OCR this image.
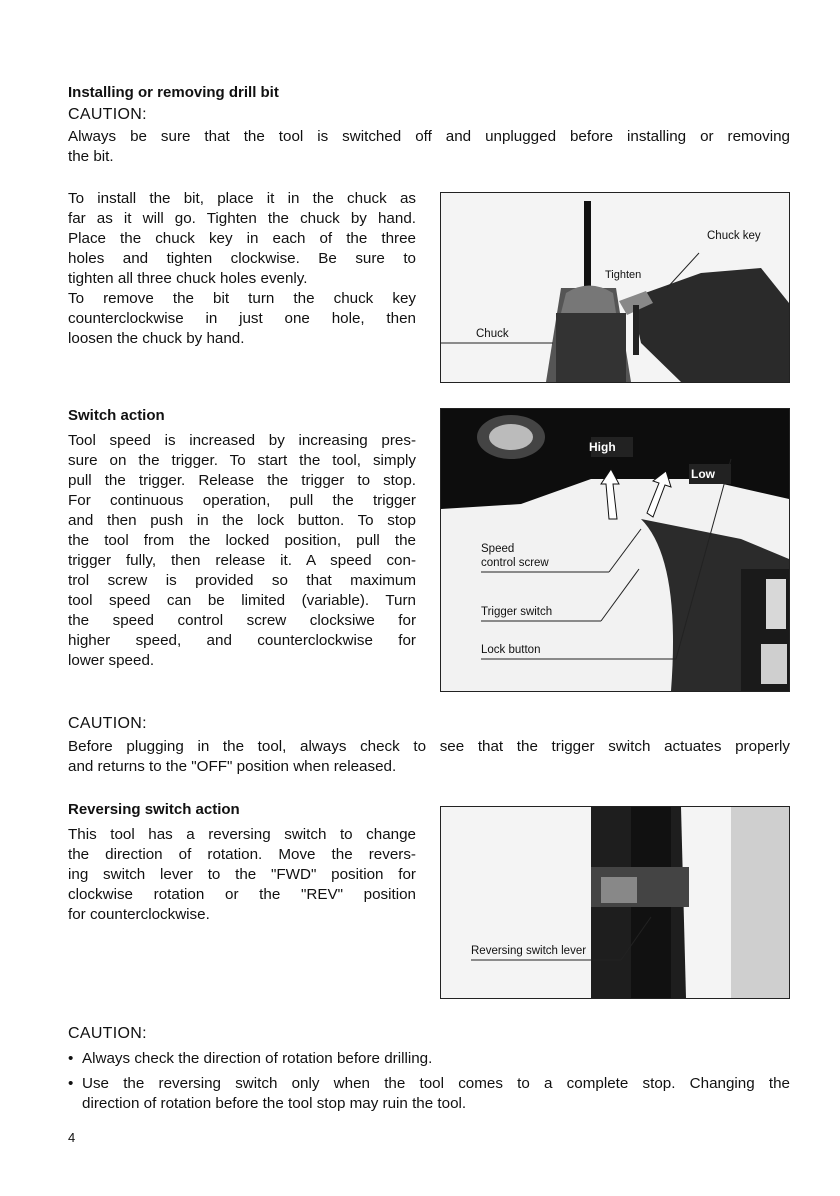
Installing or removing drill bit
CAUTION:
Always be sure that the tool is switched off and unplugged before installing or removing
the bit.
To install the bit, place it in the chuck as
far as it will go. Tighten the chuck by hand.
Place the chuck key in each of the three
holes and tighten clockwise. Be sure to
tighten all three chuck holes evenly.
To remove the bit turn the chuck key
counterclockwise in just one hole, then
loosen the chuck by hand.
Chuck key
Tighten
Chuck
Switch action
Tool speed is increased by increasing pres-
sure on the trigger. To start the tool, simply
pull the trigger. Release the trigger to stop.
For continuous operation, pull the trigger
and then push in the lock button. To stop
the tool from the locked position, pull the
trigger fully, then release it. A speed con-
trol screw is provided so that maximum
tool speed can be limited (variable). Turn
the speed control screw clocksiwe for
higher speed, and counterclockwise for
lower speed.
High
Low
Speed
control screw
Trigger switch
Lock button
CAUTION:
Before plugging in the tool, always check to see that the trigger switch actuates properly
and returns to the "OFF" position when released.
Reversing switch action
This tool has a reversing switch to change
the direction of rotation. Move the revers-
ing switch lever to the "FWD" position for
clockwise rotation or the "REV" position
for counterclockwise.
Reversing switch lever
CAUTION:
• Always check the direction of rotation before drilling.
• Use the reversing switch only when the tool comes to a complete stop. Changing the
direction of rotation before the tool stop may ruin the tool.
4
